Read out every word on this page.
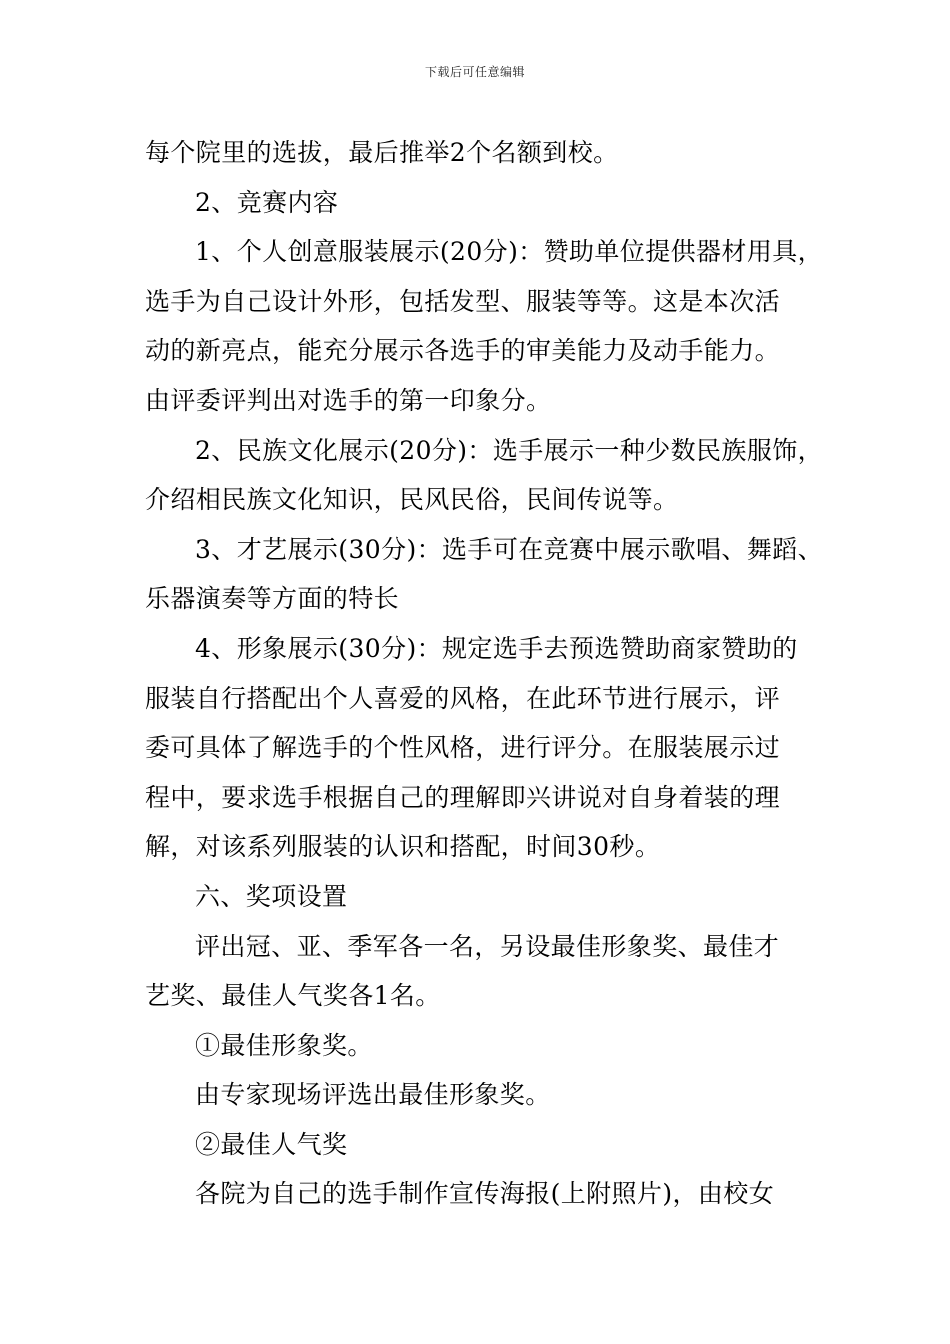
下载后可任意编辑
每个院里的选拔，最后推举2个名额到校。
2、竞赛内容
1、个人创意服装展示(20分)：赞助单位提供器材用具，
选手为自己设计外形，包括发型、服装等等。这是本次活
动的新亮点，能充分展示各选手的审美能力及动手能力。
由评委评判出对选手的第一印象分。
2、民族文化展示(20分)：选手展示一种少数民族服饰，
介绍相民族文化知识，民风民俗，民间传说等。
3、才艺展示(30分)：选手可在竞赛中展示歌唱、舞蹈、
乐器演奏等方面的特长
4、形象展示(30分)：规定选手去预选赞助商家赞助的
服装自行搭配出个人喜爱的风格，在此环节进行展示，评
委可具体了解选手的个性风格，进行评分。在服装展示过
程中，要求选手根据自己的理解即兴讲说对自身着装的理
解，对该系列服装的认识和搭配，时间30秒。
六、奖项设置
评出冠、亚、季军各一名，另设最佳形象奖、最佳才
艺奖、最佳人气奖各1名。
①最佳形象奖。
由专家现场评选出最佳形象奖。
②最佳人气奖
各院为自己的选手制作宣传海报(上附照片)，由校女
